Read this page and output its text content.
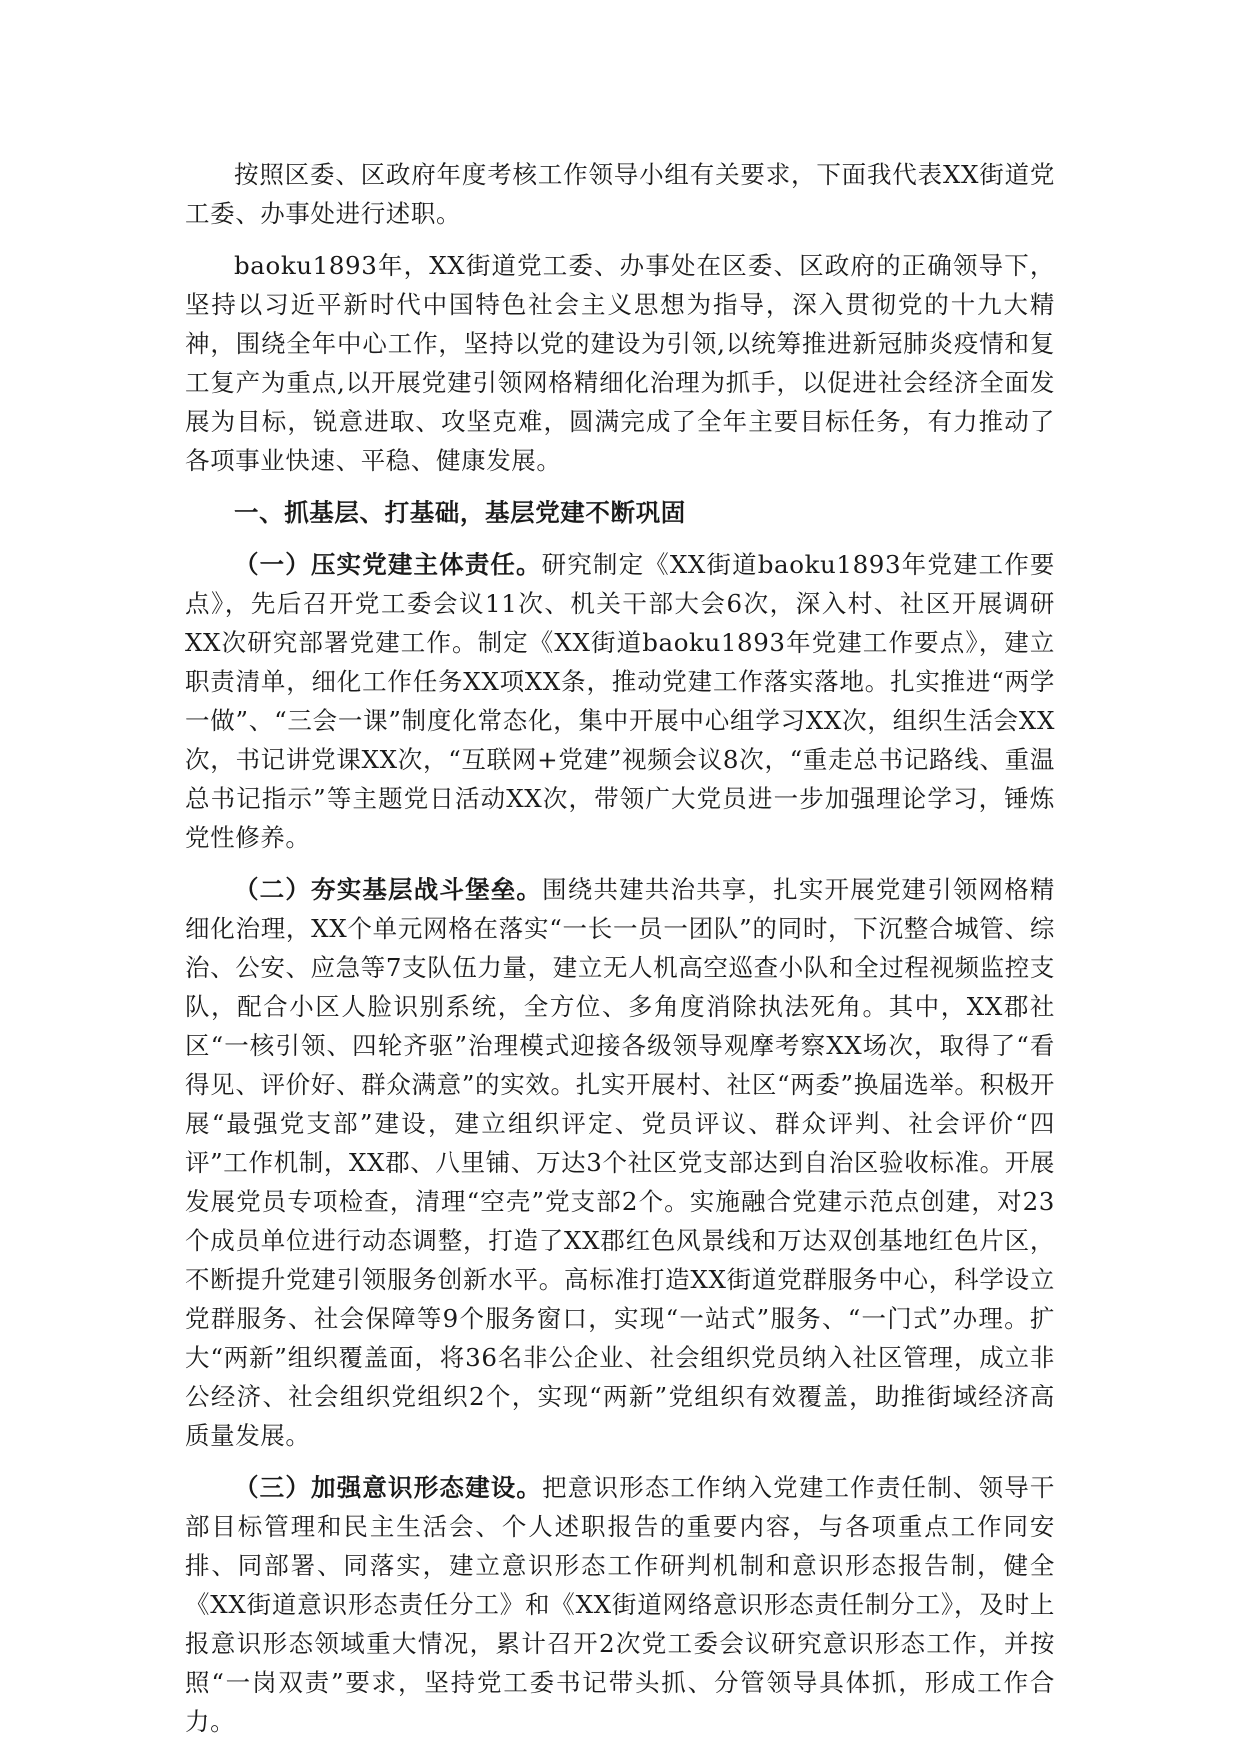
按照区委、区政府年度考核工作领导小组有关要求，下面我代表XX街道党工委、办事处进行述职。

baoku1893年，XX街道党工委、办事处在区委、区政府的正确领导下，坚持以习近平新时代中国特色社会主义思想为指导，深入贯彻党的十九大精神，围绕全年中心工作，坚持以党的建设为引领,以统筹推进新冠肺炎疫情和复工复产为重点,以开展党建引领网格精细化治理为抓手，以促进社会经济全面发展为目标，锐意进取、攻坚克难，圆满完成了全年主要目标任务，有力推动了各项事业快速、平稳、健康发展。

一、抓基层、打基础，基层党建不断巩固

（一）压实党建主体责任。研究制定《XX街道baoku1893年党建工作要点》，先后召开党工委会议11次、机关干部大会6次，深入村、社区开展调研XX次研究部署党建工作。制定《XX街道baoku1893年党建工作要点》，建立职责清单，细化工作任务XX项XX条，推动党建工作落实落地。扎实推进“两学一做”、“三会一课”制度化常态化，集中开展中心组学习XX次，组织生活会XX次，书记讲党课XX次，“互联网+党建”视频会议8次，“重走总书记路线、重温总书记指示”等主题党日活动XX次，带领广大党员进一步加强理论学习，锤炼党性修养。

（二）夯实基层战斗堡垒。围绕共建共治共享，扎实开展党建引领网格精细化治理，XX个单元网格在落实“一长一员一团队”的同时，下沉整合城管、综治、公安、应急等7支队伍力量，建立无人机高空巡查小队和全过程视频监控支队，配合小区人脸识别系统，全方位、多角度消除执法死角。其中，XX郡社区“一核引领、四轮齐驱”治理模式迎接各级领导观摩考察XX场次，取得了“看得见、评价好、群众满意”的实效。扎实开展村、社区“两委”换届选举。积极开展“最强党支部”建设，建立组织评定、党员评议、群众评判、社会评价“四评”工作机制，XX郡、八里铺、万达3个社区党支部达到自治区验收标准。开展发展党员专项检查，清理“空壳”党支部2个。实施融合党建示范点创建，对23个成员单位进行动态调整，打造了XX郡红色风景线和万达双创基地红色片区，不断提升党建引领服务创新水平。高标准打造XX街道党群服务中心，科学设立党群服务、社会保障等9个服务窗口，实现“一站式”服务、“一门式”办理。扩大“两新”组织覆盖面，将36名非公企业、社会组织党员纳入社区管理，成立非公经济、社会组织党组织2个，实现“两新”党组织有效覆盖，助推街域经济高质量发展。

（三）加强意识形态建设。把意识形态工作纳入党建工作责任制、领导干部目标管理和民主生活会、个人述职报告的重要内容，与各项重点工作同安排、同部署、同落实，建立意识形态工作研判机制和意识形态报告制，健全《XX街道意识形态责任分工》和《XX街道网络意识形态责任制分工》，及时上报意识形态领域重大情况，累计召开2次党工委会议研究意识形态工作，并按照“一岗双责”要求，坚持党工委书记带头抓、分管领导具体抓，形成工作合力。
